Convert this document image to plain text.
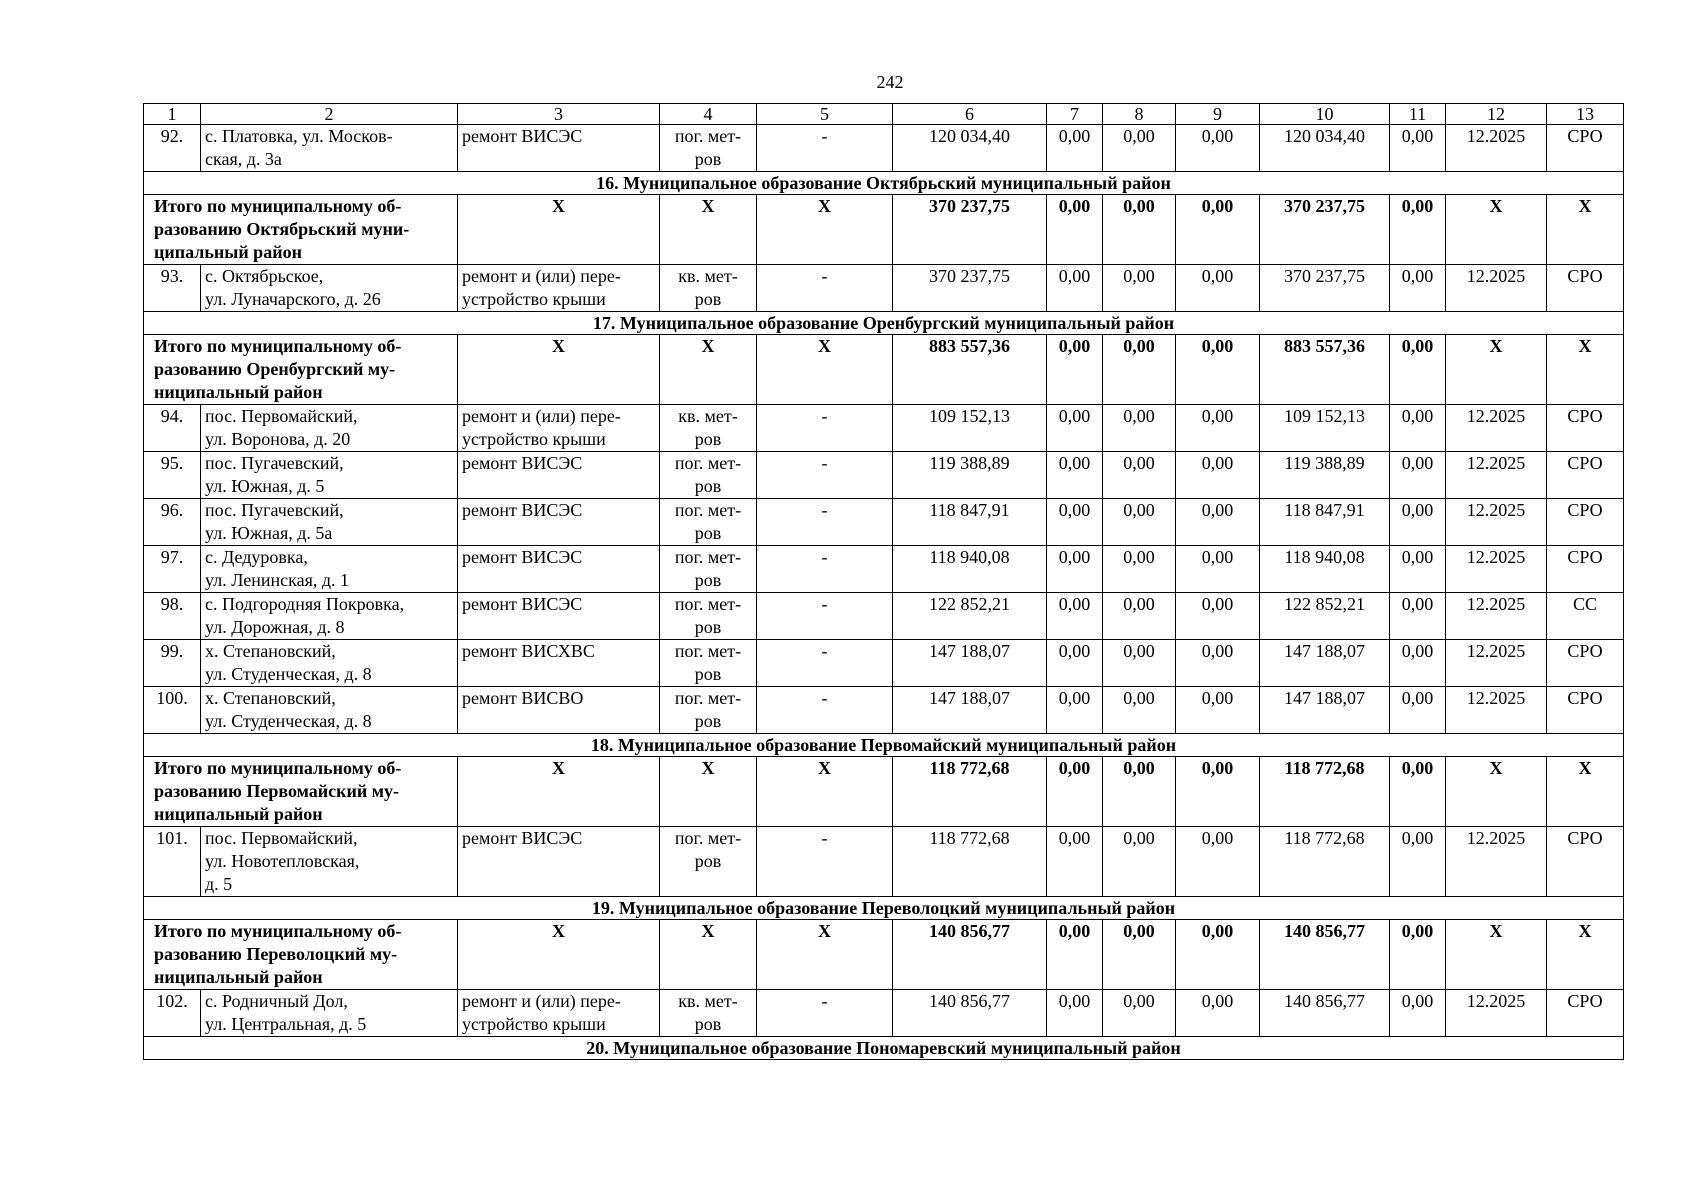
242
1	2	3	4	5	6	7	8	9	10	11	12	13
92.	с. Платовка, ул. Москов-
ская, д. 3а	ремонт ВИСЭС	пог. мет-
ров	-	120 034,40	0,00	0,00	0,00	120 034,40	0,00	12.2025	СРО
16. Муниципальное образование Октябрьский муниципальный район												

Итого по муниципальному об-
разованию Октябрьский муни-
ципальный район		X	X	X	370 237,75	0,00	0,00	0,00	370 237,75	0,00	X	X
93.	с. Октябрьское,
ул. Луначарского, д. 26	ремонт и (или) пере-
устройство крыши	кв. мет-
ров	-	370 237,75	0,00	0,00	0,00	370 237,75	0,00	12.2025	СРО
17. Муниципальное образование Оренбургский муниципальный район												

Итого по муниципальному об-
разованию Оренбургский му-
ниципальный район		X	X	X	883 557,36	0,00	0,00	0,00	883 557,36	0,00	X	X
94.	пос. Первомайский,
ул. Воронова, д. 20	ремонт и (или) пере-
устройство крыши	кв. мет-
ров	-	109 152,13	0,00	0,00	0,00	109 152,13	0,00	12.2025	СРО
95.	пос. Пугачевский,
ул. Южная, д. 5	ремонт ВИСЭС	пог. мет-
ров	-	119 388,89	0,00	0,00	0,00	119 388,89	0,00	12.2025	СРО
96.	пос. Пугачевский,
ул. Южная, д. 5а	ремонт ВИСЭС	пог. мет-
ров	-	118 847,91	0,00	0,00	0,00	118 847,91	0,00	12.2025	СРО
97.	с. Дедуровка,
ул. Ленинская, д. 1	ремонт ВИСЭС	пог. мет-
ров	-	118 940,08	0,00	0,00	0,00	118 940,08	0,00	12.2025	СРО
98.	с. Подгородняя Покровка,
ул. Дорожная, д. 8	ремонт ВИСЭС	пог. мет-
ров	-	122 852,21	0,00	0,00	0,00	122 852,21	0,00	12.2025	СС
99.	х. Степановский,
ул. Студенческая, д. 8	ремонт ВИСХВС	пог. мет-
ров	-	147 188,07	0,00	0,00	0,00	147 188,07	0,00	12.2025	СРО
100.	х. Степановский,
ул. Студенческая, д. 8	ремонт ВИСВО	пог. мет-
ров	-	147 188,07	0,00	0,00	0,00	147 188,07	0,00	12.2025	СРО
18. Муниципальное образование Первомайский муниципальный район												

Итого по муниципальному об-
разованию Первомайский му-
ниципальный район		X	X	X	118 772,68	0,00	0,00	0,00	118 772,68	0,00	X	X
101.	пос. Первомайский,
ул. Новотепловская,
д. 5	ремонт ВИСЭС	пог. мет-
ров	-	118 772,68	0,00	0,00	0,00	118 772,68	0,00	12.2025	СРО
19. Муниципальное образование Переволоцкий муниципальный район												

Итого по муниципальному об-
разованию Переволоцкий му-
ниципальный район		X	X	X	140 856,77	0,00	0,00	0,00	140 856,77	0,00	X	X
102.	с. Родничный Дол,
ул. Центральная, д. 5	ремонт и (или) пере-
устройство крыши	кв. мет-
ров	-	140 856,77	0,00	0,00	0,00	140 856,77	0,00	12.2025	СРО
20. Муниципальное образование Пономаревский муниципальный район												
